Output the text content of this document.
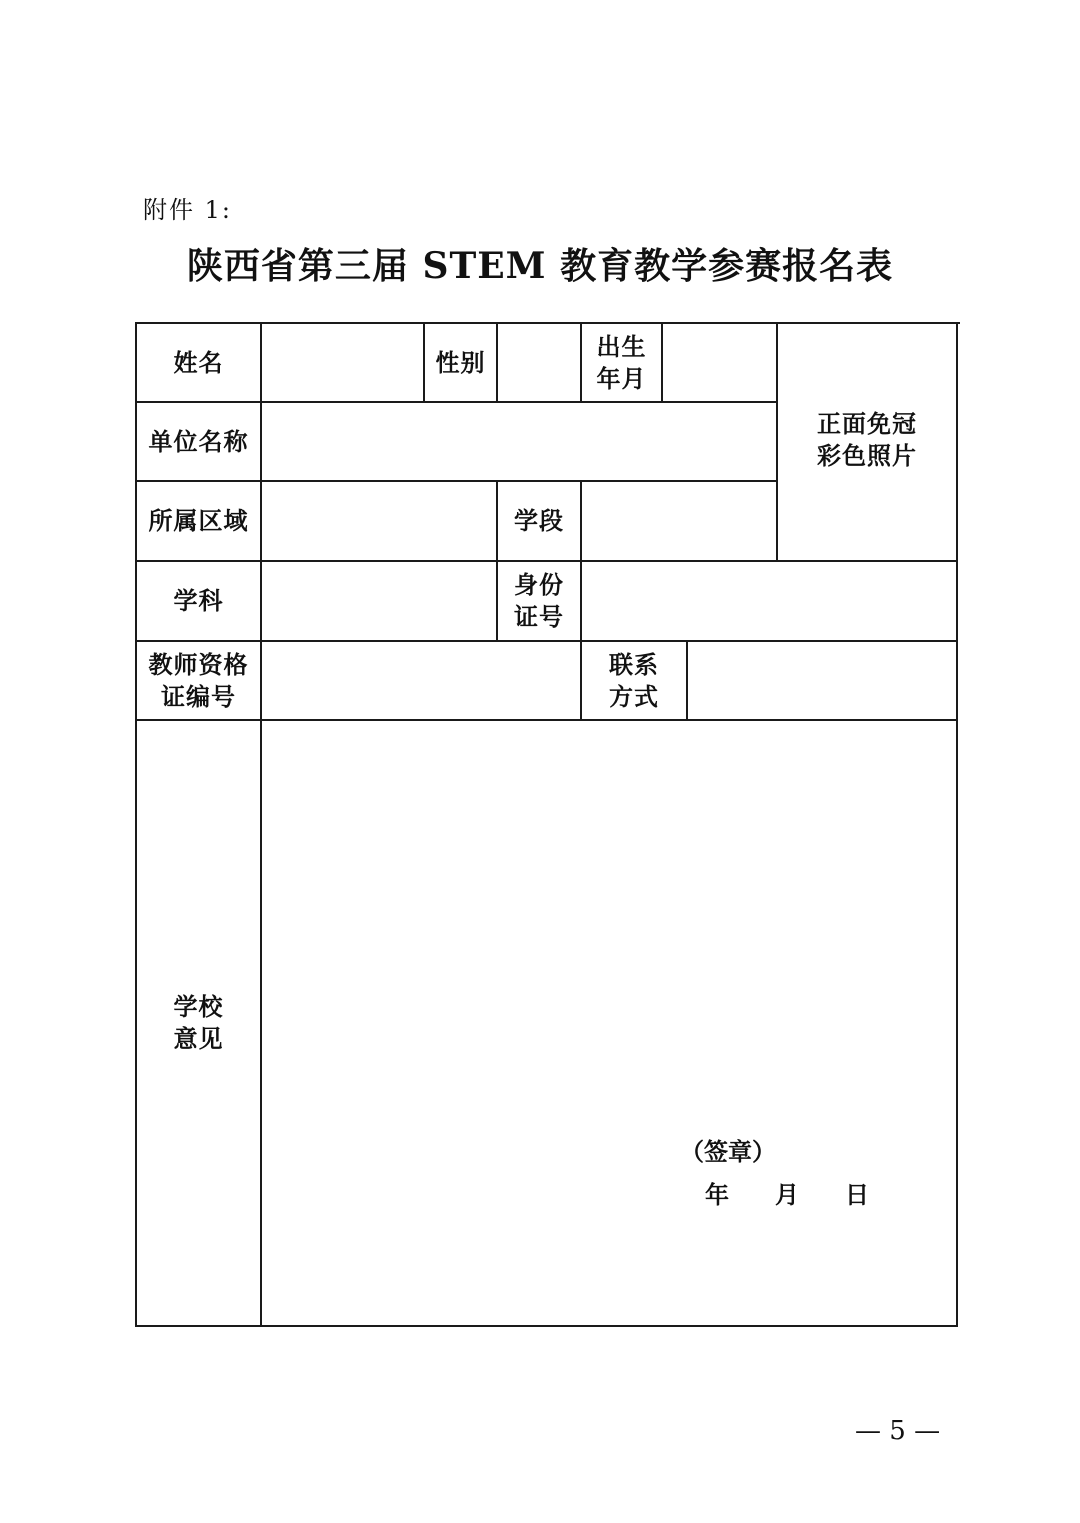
附件 1:
陕西省第三届 STEM 教育教学参赛报名表
姓名	性别
出生
年月
正面免冠
彩色照片
单位名称
所属区域	学段
学科
身份
证号
教师资格
证编号
联系
方式
学校
意见
（签章）
年 月 日
— 5 —
